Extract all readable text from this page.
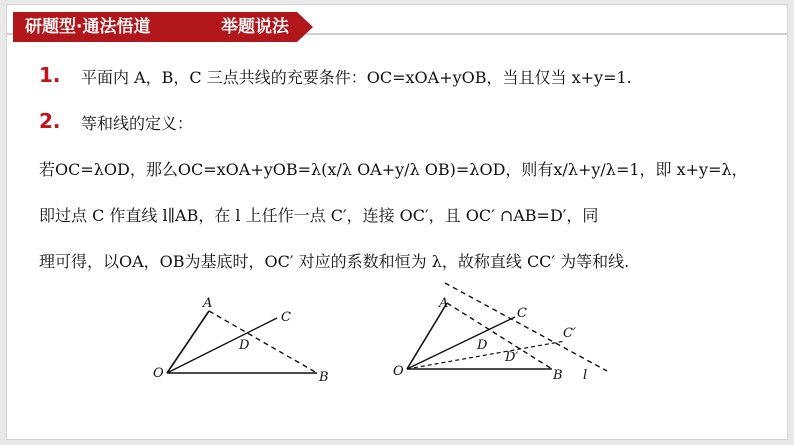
研题型·通法悟道	举题说法
1. 平面内 A，B，C 三点共线的充要条件：OC=xOA+yOB，当且仅当 x+y=1.
2. 等和线的定义：
若OC=λOD，那么OC=xOA+yOB=λ(x/λ OA+y/λ OB)=λOD，则有x/λ+y/λ=1，即 x+y=λ，
即过点 C 作直线 l∥AB，在 l 上任作一点 C′，连接 OC′，且 OC′ ∩AB=D′，同
理可得，以OA，OB为基底时，OC′ 对应的系数和恒为 λ，故称直线 CC′ 为等和线.
A
C
D
O	B
A
C
C′
D
D′
O	B l
